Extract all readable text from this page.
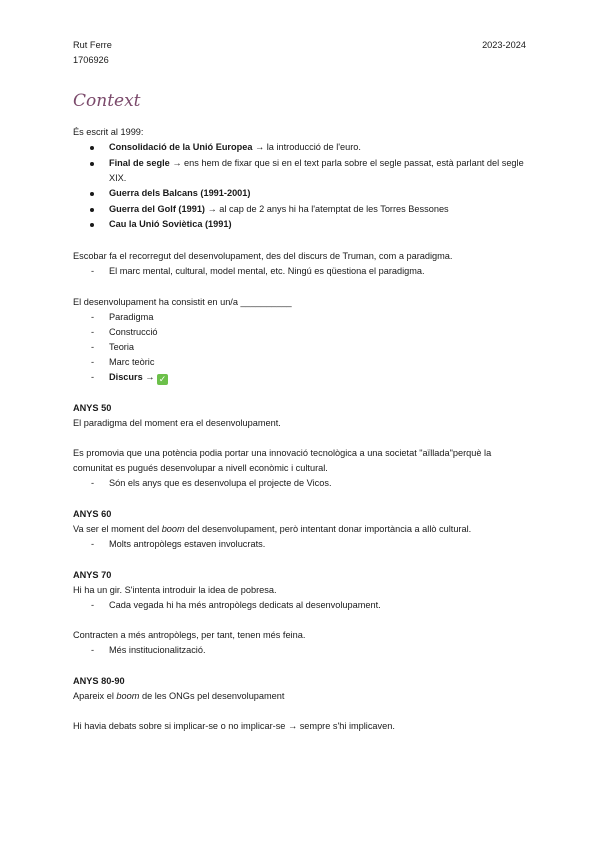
Rut Ferre
1706926
2023-2024
Context

És escrit al 1999:

Consolidació de la Unió Europea → la introducció de l'euro.
Final de segle → ens hem de fixar que si en el text parla sobre el segle passat, està parlant del segle XIX.
Guerra dels Balcans (1991-2001)
Guerra del Golf (1991) → al cap de 2 anys hi ha l'atemptat de les Torres Bessones
Cau la Unió Soviètica (1991)

Escobar fa el recorregut del desenvolupament, des del discurs de Truman, com a paradigma.

- El marc mental, cultural, model mental, etc. Ningú es qüestiona el paradigma.

El desenvolupament ha consistit en un/a __________

- Paradigma
- Construcció
- Teoria
- Marc teòric
- Discurs → ✓

ANYS 50

El paradigma del moment era el desenvolupament.

Es promovia que una potència podia portar una innovació tecnològica a una societat "aïllada"perquè la comunitat es pugués desenvolupar a nivell econòmic i cultural.

- Són els anys que es desenvolupa el projecte de Vicos.

ANYS 60

Va ser el moment del boom del desenvolupament, però intentant donar importància a allò cultural.

- Molts antropòlegs estaven involucrats.

ANYS 70

Hi ha un gir. S'intenta introduir la idea de pobresa.

- Cada vegada hi ha més antropòlegs dedicats al desenvolupament.

Contracten a més antropòlegs, per tant, tenen més feina.

- Més institucionalització.

ANYS 80-90

Apareix el boom de les ONGs pel desenvolupament

Hi havia debats sobre si implicar-se o no implicar-se → sempre s'hi implicaven.
